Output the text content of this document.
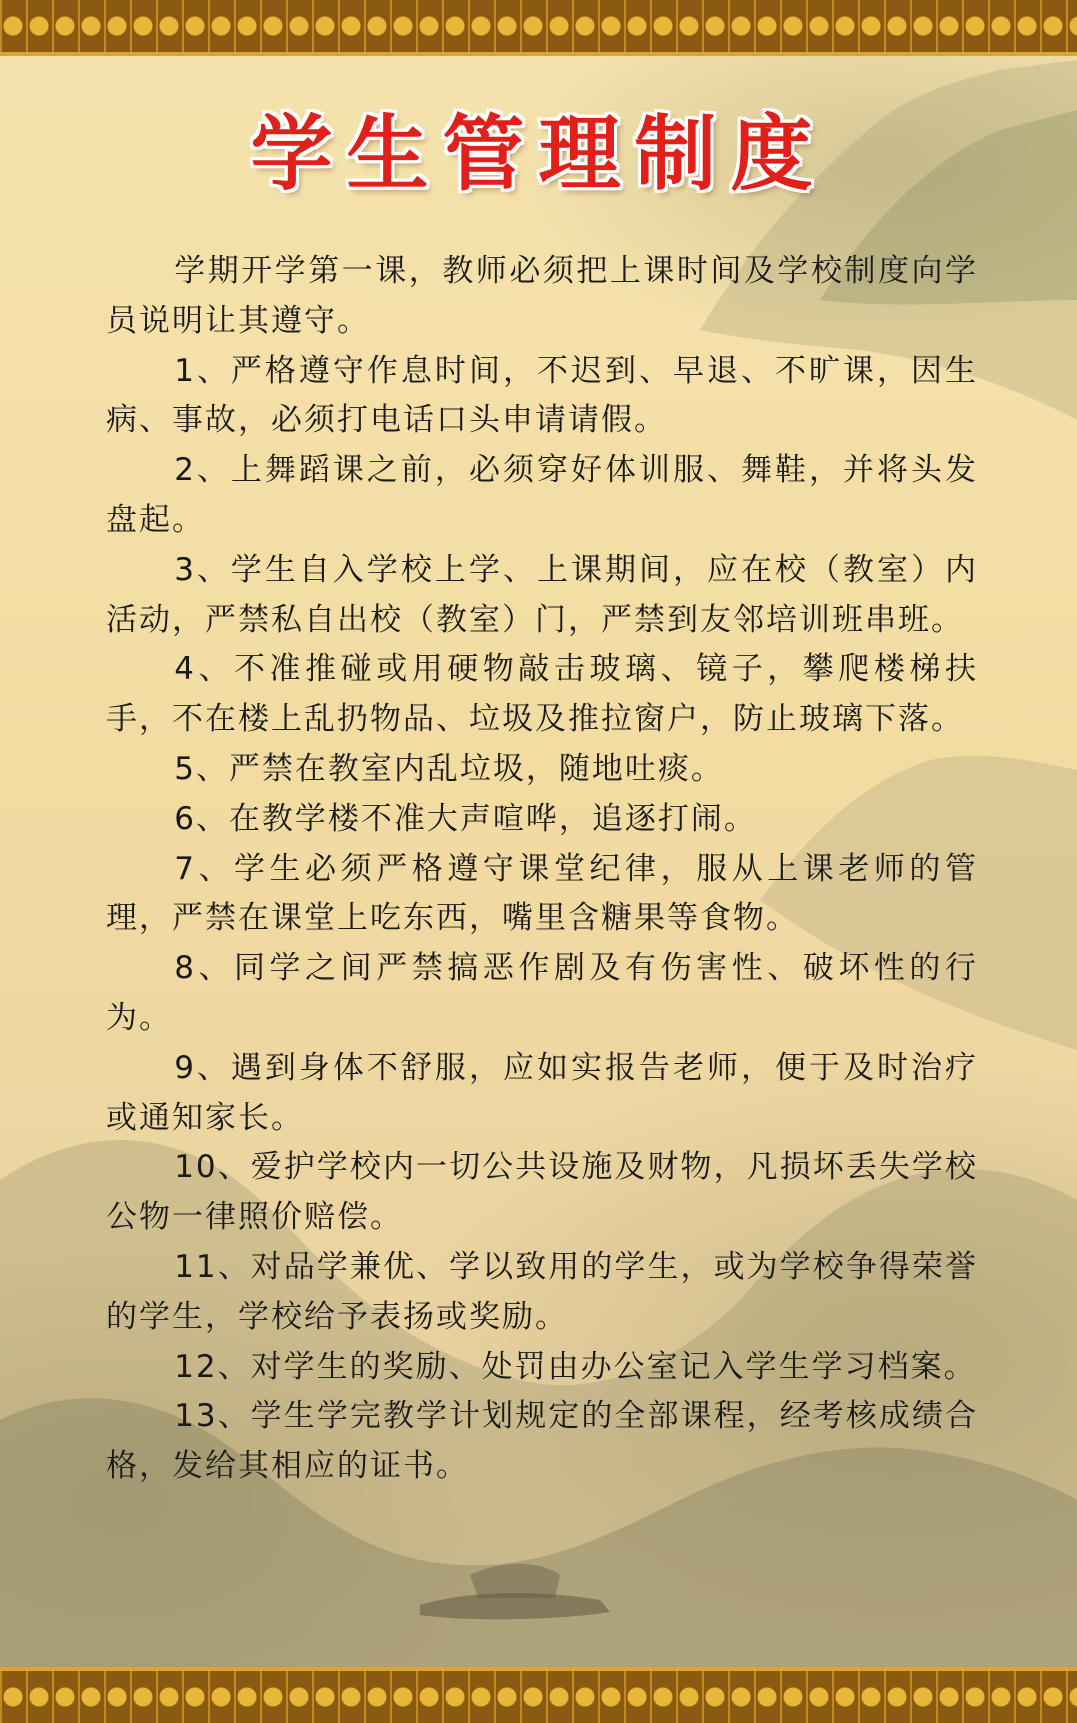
学生管理制度

学期开学第一课，教师必须把上课时间及学校制度向学员说明让其遵守。

1、严格遵守作息时间，不迟到、早退、不旷课，因生病、事故，必须打电话口头申请请假。

2、上舞蹈课之前，必须穿好体训服、舞鞋，并将头发盘起。

3、学生自入学校上学、上课期间，应在校（教室）内活动，严禁私自出校（教室）门，严禁到友邻培训班串班。

4、不准推碰或用硬物敲击玻璃、镜子，攀爬楼梯扶手，不在楼上乱扔物品、垃圾及推拉窗户，防止玻璃下落。

5、严禁在教室内乱垃圾，随地吐痰。

6、在教学楼不准大声喧哗，追逐打闹。

7、学生必须严格遵守课堂纪律，服从上课老师的管理，严禁在课堂上吃东西，嘴里含糖果等食物。

8、同学之间严禁搞恶作剧及有伤害性、破坏性的行为。

9、遇到身体不舒服，应如实报告老师，便于及时治疗或通知家长。

10、爱护学校内一切公共设施及财物，凡损坏丢失学校公物一律照价赔偿。

11、对品学兼优、学以致用的学生，或为学校争得荣誉的学生，学校给予表扬或奖励。

12、对学生的奖励、处罚由办公室记入学生学习档案。

13、学生学完教学计划规定的全部课程，经考核成绩合格，发给其相应的证书。
